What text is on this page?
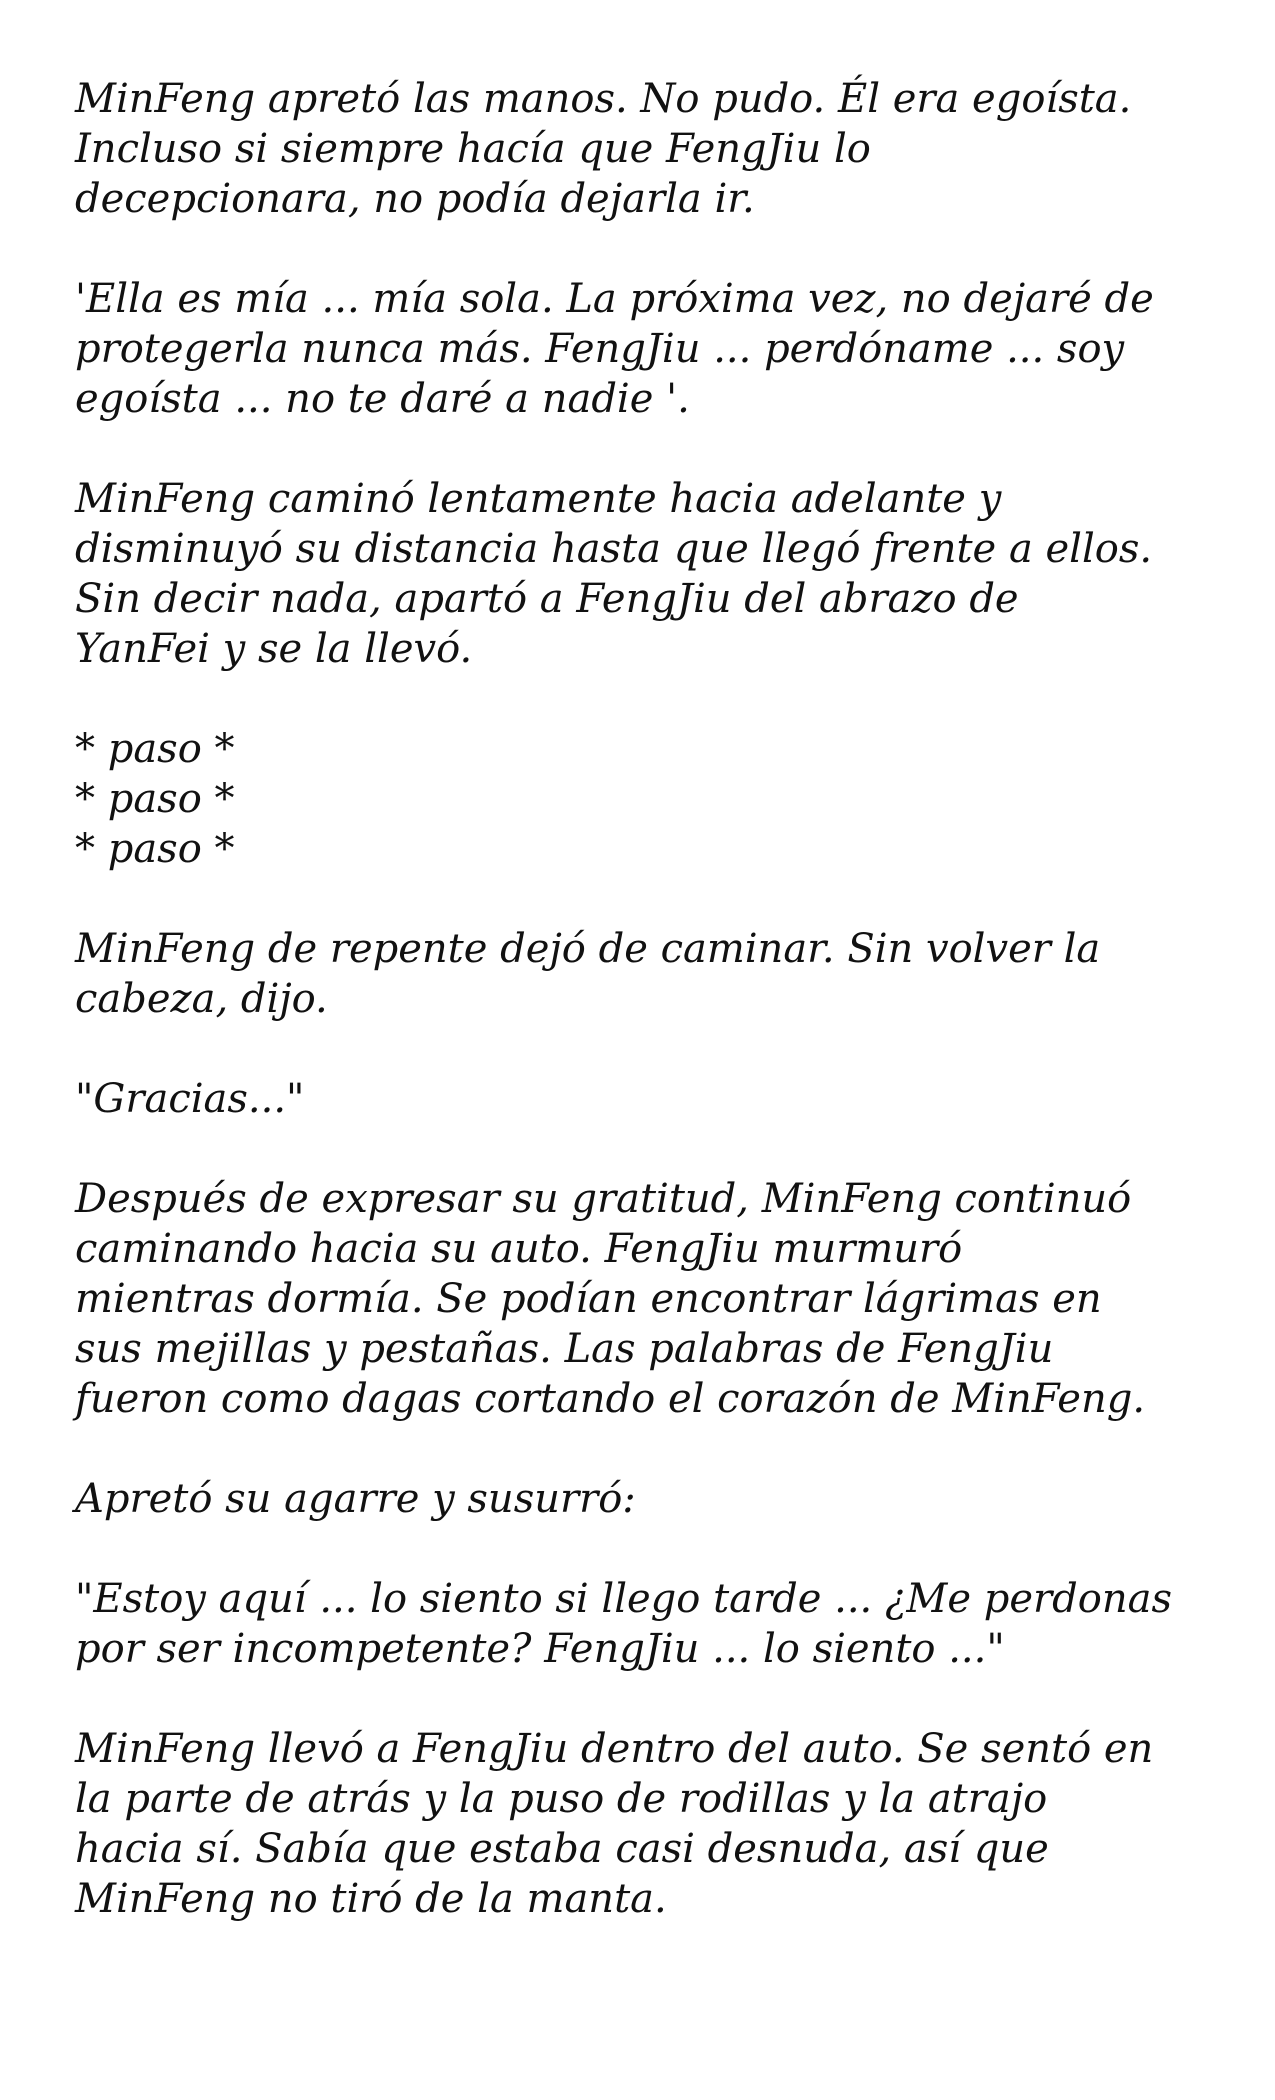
MinFeng apretó las manos. No pudo. Él era egoísta.
Incluso si siempre hacía que FengJiu lo
decepcionara, no podía dejarla ir.

'Ella es mía ... mía sola. La próxima vez, no dejaré de
protegerla nunca más. FengJiu ... perdóname ... soy
egoísta ... no te daré a nadie '.

MinFeng caminó lentamente hacia adelante y
disminuyó su distancia hasta que llegó frente a ellos.
Sin decir nada, apartó a FengJiu del abrazo de
YanFei y se la llevó.

* paso *
* paso *
* paso *

MinFeng de repente dejó de caminar. Sin volver la
cabeza, dijo.

"Gracias..."

Después de expresar su gratitud, MinFeng continuó
caminando hacia su auto. FengJiu murmuró
mientras dormía. Se podían encontrar lágrimas en
sus mejillas y pestañas. Las palabras de FengJiu
fueron como dagas cortando el corazón de MinFeng.

Apretó su agarre y susurró:

"Estoy aquí ... lo siento si llego tarde ... ¿Me perdonas
por ser incompetente? FengJiu ... lo siento ..."

MinFeng llevó a FengJiu dentro del auto. Se sentó en
la parte de atrás y la puso de rodillas y la atrajo
hacia sí. Sabía que estaba casi desnuda, así que
MinFeng no tiró de la manta.
